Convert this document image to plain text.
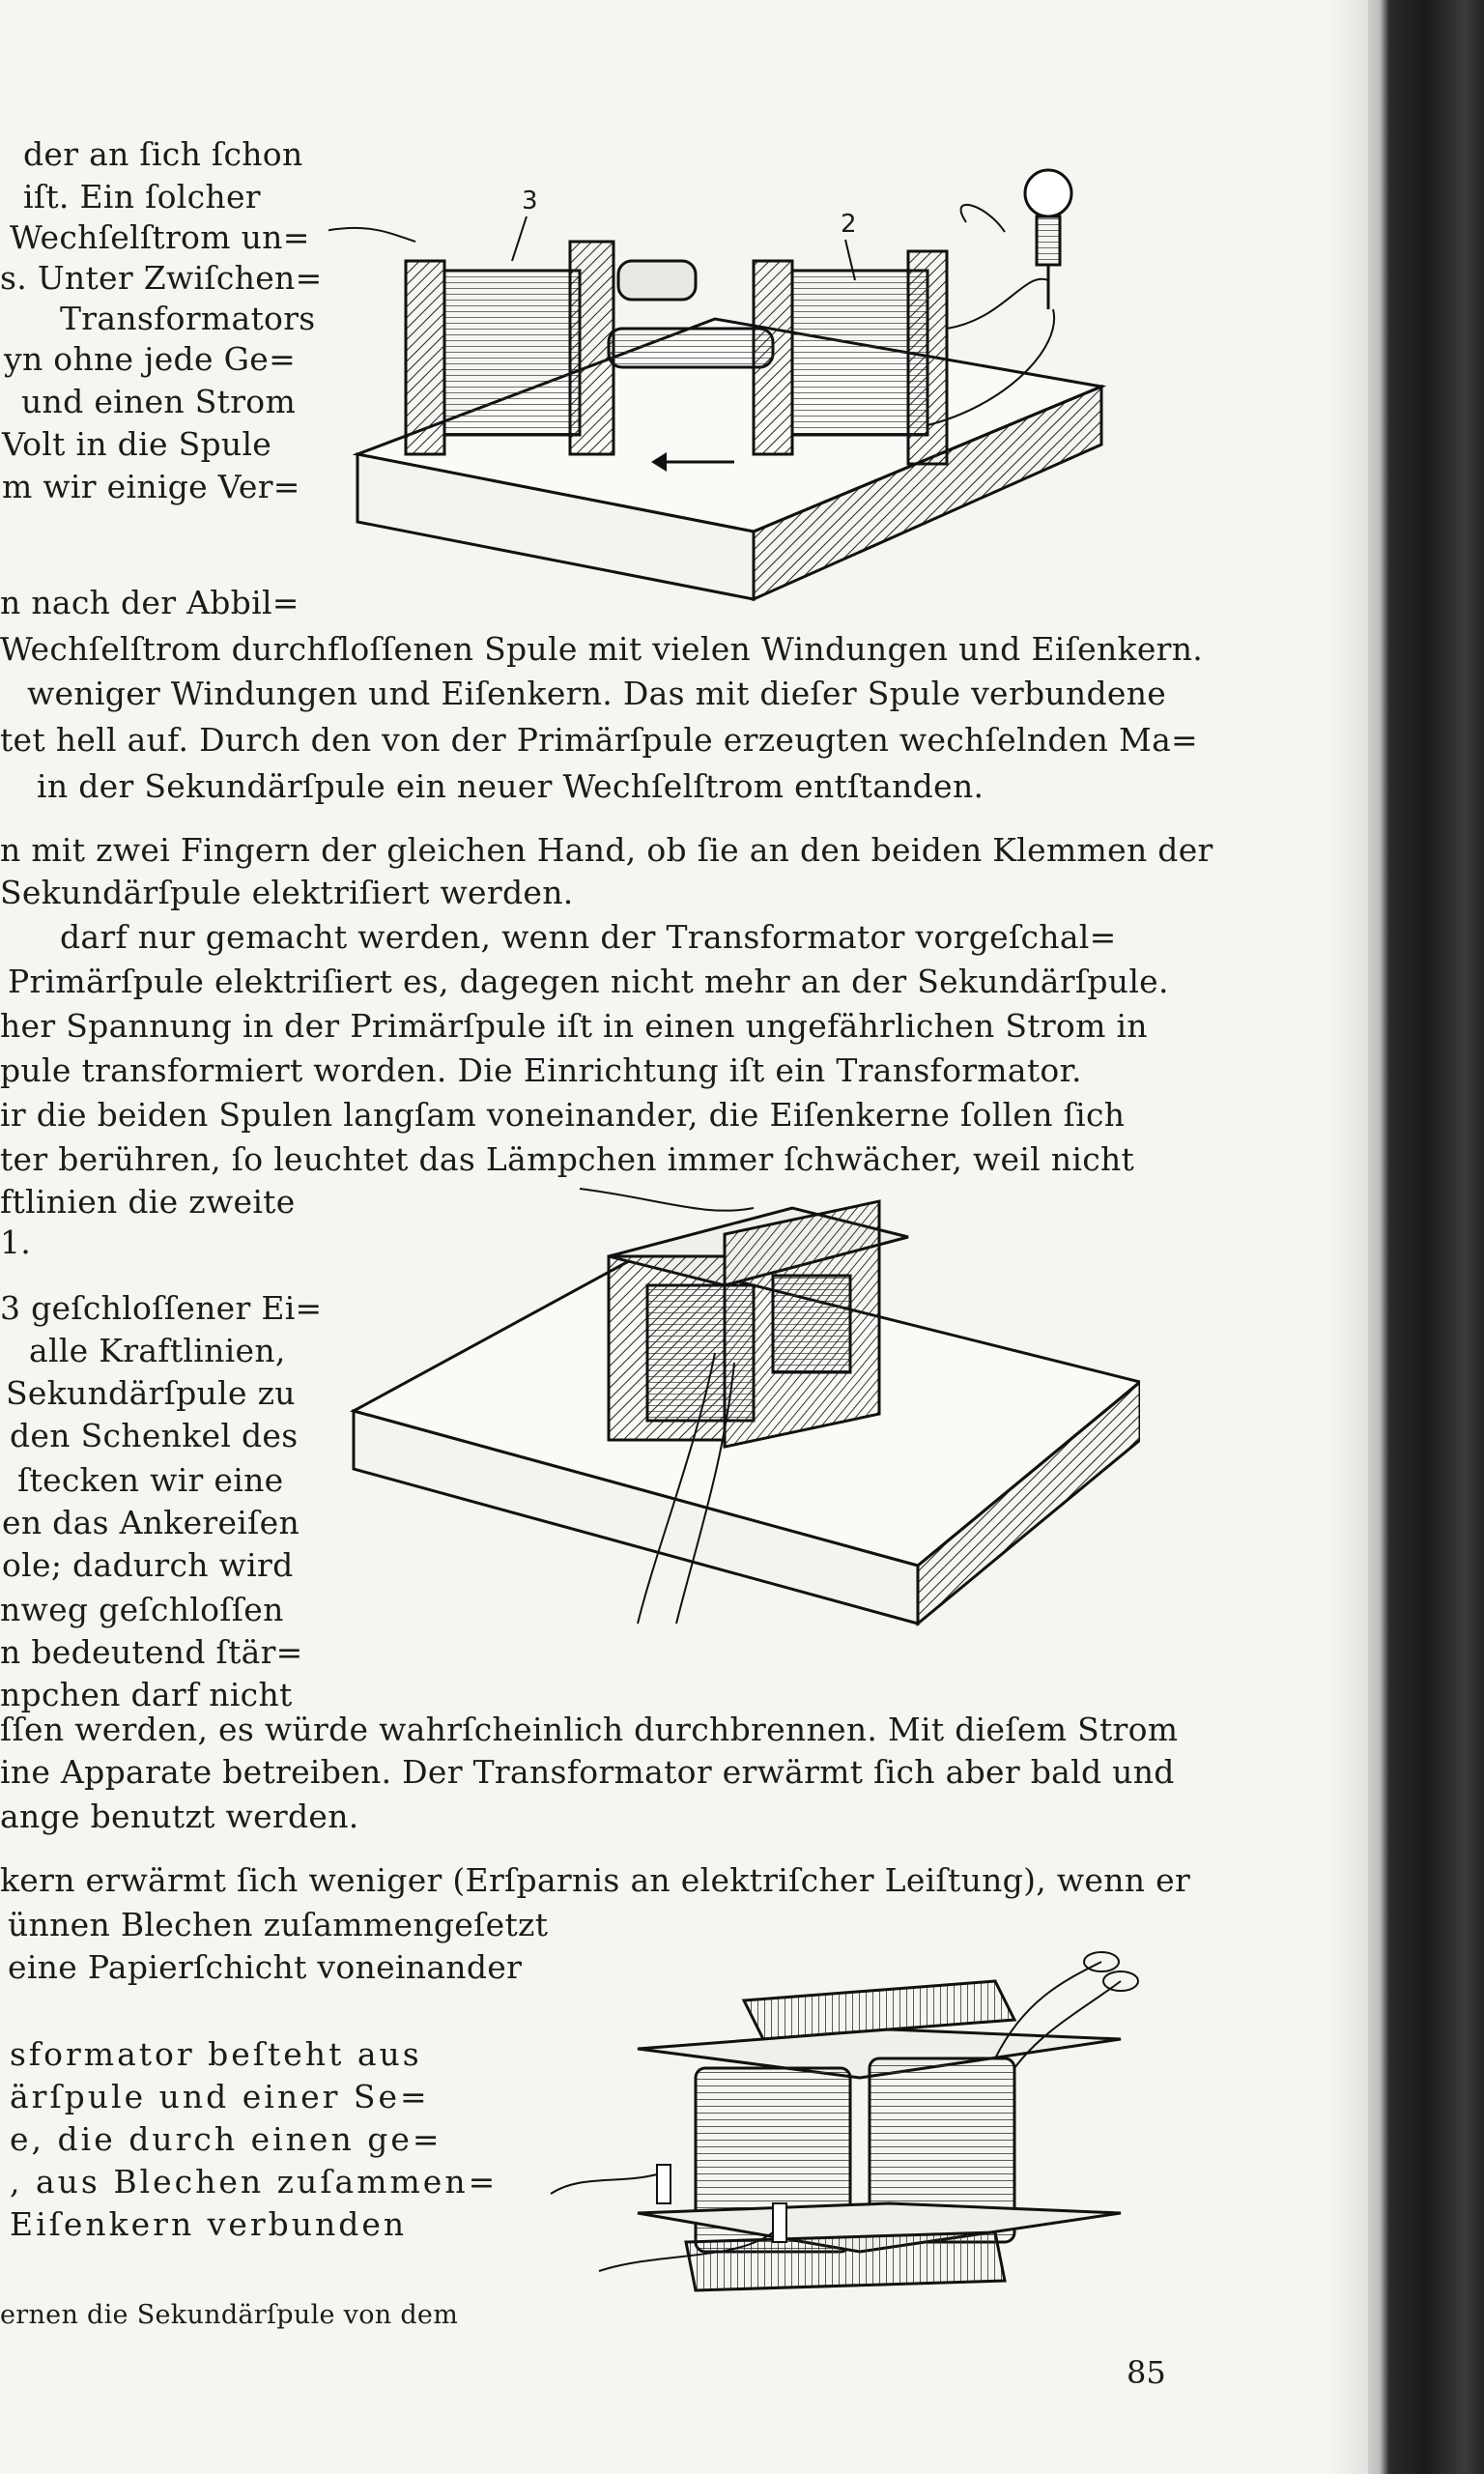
der an ſich ſchon
iſt. Ein ſolcher
Wechſelſtrom un=
s. Unter Zwiſchen=
Transformators
yn ohne jede Ge=
und einen Strom
Volt in die Spule
m wir einige Ver=
n nach der Abbil=
Wechſelſtrom durchfloſſenen Spule mit vielen Windungen und Eiſenkern.
weniger Windungen und Eiſenkern. Das mit dieſer Spule verbundene
tet hell auf. Durch den von der Primärſpule erzeugten wechſelnden Ma=
in der Sekundärſpule ein neuer Wechſelſtrom entſtanden.
n mit zwei Fingern der gleichen Hand, ob ſie an den beiden Klemmen der
Sekundärſpule elektriſiert werden.
darf nur gemacht werden, wenn der Transformator vorgeſchal=
Primärſpule elektriſiert es, dagegen nicht mehr an der Sekundärſpule.
her Spannung in der Primärſpule iſt in einen ungefährlichen Strom in
pule transformiert worden. Die Einrichtung iſt ein Transformator.
ir die beiden Spulen langſam voneinander, die Eiſenkerne ſollen ſich
ter berühren, ſo leuchtet das Lämpchen immer ſchwächer, weil nicht
ftlinien die zweite
1.
3 geſchloſſener Ei=
alle Kraftlinien,
Sekundärſpule zu
den Schenkel des
ſtecken wir eine
en das Ankereiſen
ole; dadurch wird
nweg geſchloſſen
n bedeutend ſtär=
npchen darf nicht
ſſen werden, es würde wahrſcheinlich durchbrennen. Mit dieſem Strom
ine Apparate betreiben. Der Transformator erwärmt ſich aber bald und
ange benutzt werden.
kern erwärmt ſich weniger (Erſparnis an elektriſcher Leiſtung), wenn er
ünnen Blechen zuſammengeſetzt
eine Papierſchicht voneinander
sformator beſteht aus
ärſpule und einer Se=
e, die durch einen ge=
, aus Blechen zuſammen=
Eiſenkern verbunden
ernen die Sekundärſpule von dem
3
2
85
